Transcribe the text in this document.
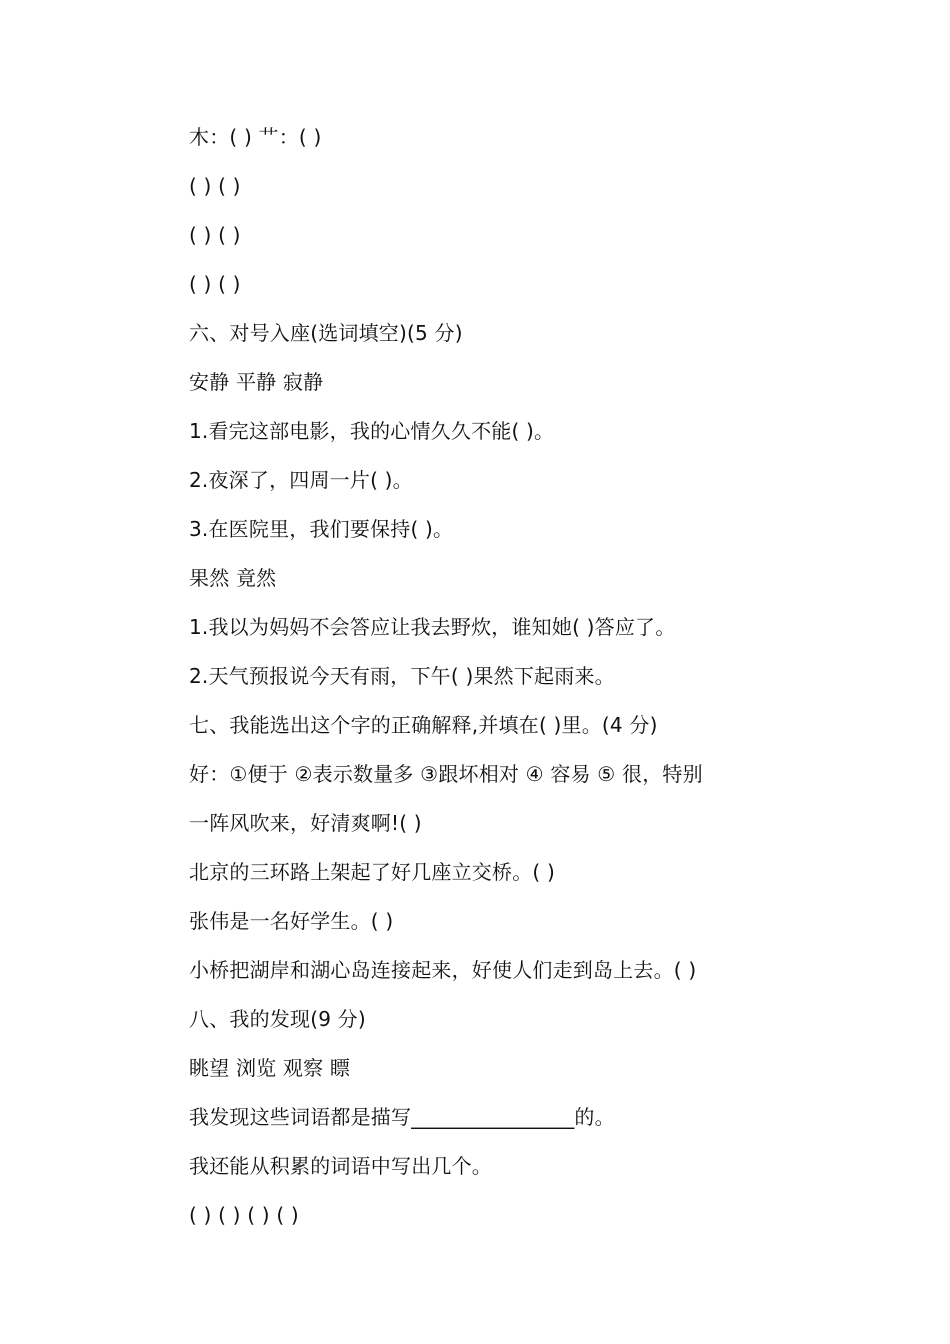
木：( ) 艹：( )
( ) ( )
( ) ( )
( ) ( )
六、对号入座(选词填空)(5 分)
安静 平静 寂静
1.看完这部电影，我的心情久久不能( )。
2.夜深了，四周一片( )。
3.在医院里，我们要保持( )。
果然 竟然
1.我以为妈妈不会答应让我去野炊，谁知她( )答应了。
2.天气预报说今天有雨，下午( )果然下起雨来。
七、我能选出这个字的正确解释,并填在( )里。(4 分)
好：①便于 ②表示数量多 ③跟坏相对 ④ 容易 ⑤ 很，特别
一阵风吹来，好清爽啊!( )
北京的三环路上架起了好几座立交桥。( )
张伟是一名好学生。( )
小桥把湖岸和湖心岛连接起来，好使人们走到岛上去。( )
八、我的发现(9 分)
眺望 浏览 观察 瞟
我发现这些词语都是描写________________的。
我还能从积累的词语中写出几个。
( ) ( ) ( ) ( )
